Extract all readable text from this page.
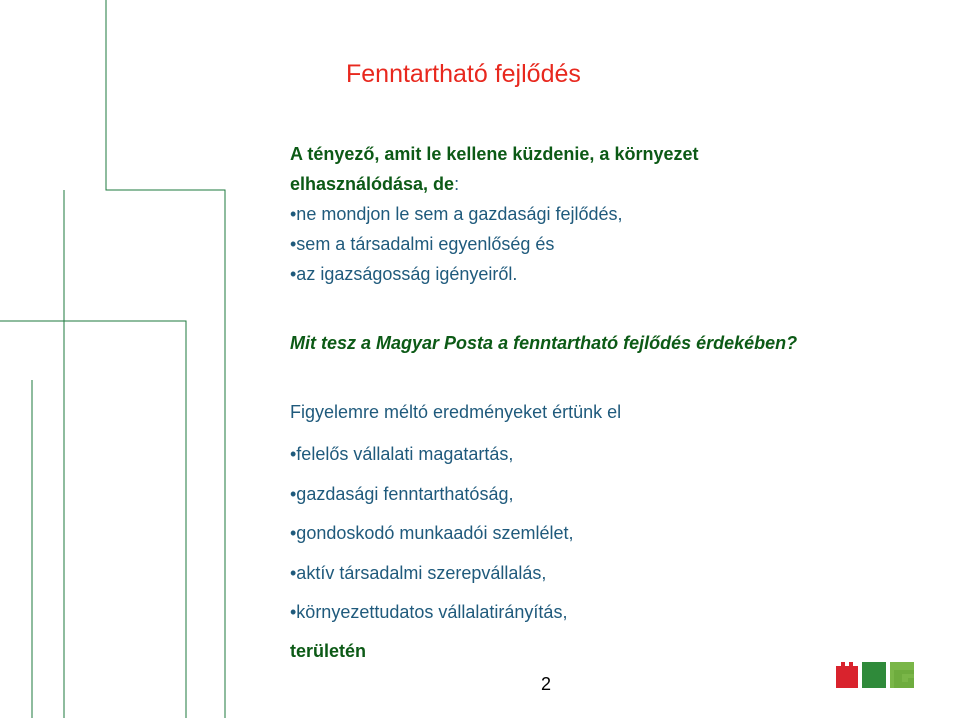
Fenntartható fejlődés
A tényező, amit le kellene küzdenie, a környezet
elhasználódása, de:
•ne mondjon le sem a gazdasági fejlődés,
•sem a társadalmi egyenlőség és
•az igazságosság igényeiről.
Mit tesz a Magyar Posta a fenntartható fejlődés érdekében?
Figyelemre méltó eredményeket értünk el
•felelős vállalati magatartás,
•gazdasági fenntarthatóság,
•gondoskodó munkaadói szemlélet,
•aktív társadalmi szerepvállalás,
•környezettudatos vállalatirányítás,
területén
2
